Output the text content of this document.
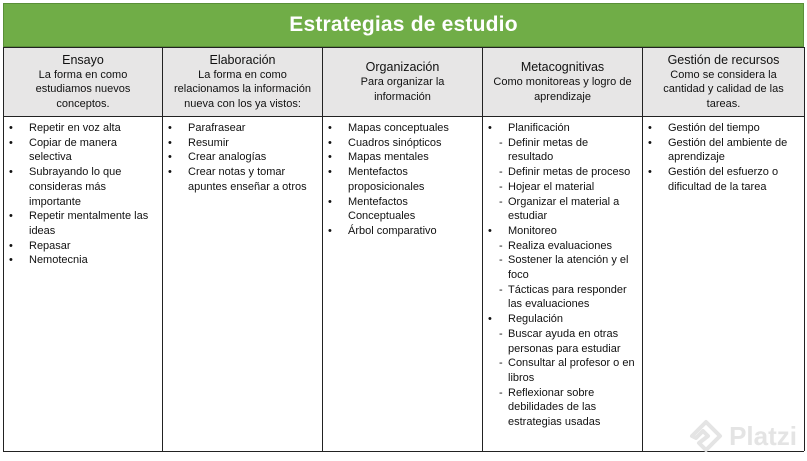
Estrategias de estudio
Ensayo
La forma en como estudiamos nuevos conceptos.
Elaboración
La forma en como relacionamos la información nueva con los ya vistos:
Organización
Para organizar la información
Metacognitivas
Como monitoreas y logro de aprendizaje
Gestión de recursos
Como se considera la cantidad y calidad de las tareas.
• Repetir en voz alta
• Copiar de manera selectiva
• Subrayando lo que consideras más importante
• Repetir mentalmente las ideas
• Repasar
• Nemotecnia
• Parafrasear
• Resumir
• Crear analogías
• Crear notas y tomar apuntes enseñar a otros
• Mapas conceptuales
• Cuadros sinópticos
• Mapas mentales
• Mentefactos proposicionales
• Mentefactos Conceptuales
• Árbol comparativo
• Planificación
- Definir metas de resultado
- Definir metas de proceso
- Hojear el material
- Organizar el material a estudiar
• Monitoreo
- Realiza evaluaciones
- Sostener la atención y el foco
- Tácticas para responder las evaluaciones
• Regulación
- Buscar ayuda en otras personas para estudiar
- Consultar al profesor o en libros
- Reflexionar sobre debilidades de las estrategias usadas
• Gestión del tiempo
• Gestión del ambiente de aprendizaje
• Gestión del esfuerzo o dificultad de la tarea
Platzi
